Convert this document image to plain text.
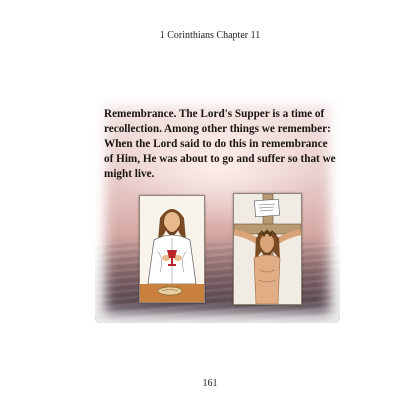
1 Corinthians Chapter 11
Remembrance. The Lord's Supper is a time of recollection. Among other things we remember: When the Lord said to do this in remembrance of Him, He was about to go and suffer so that we might live.
161
